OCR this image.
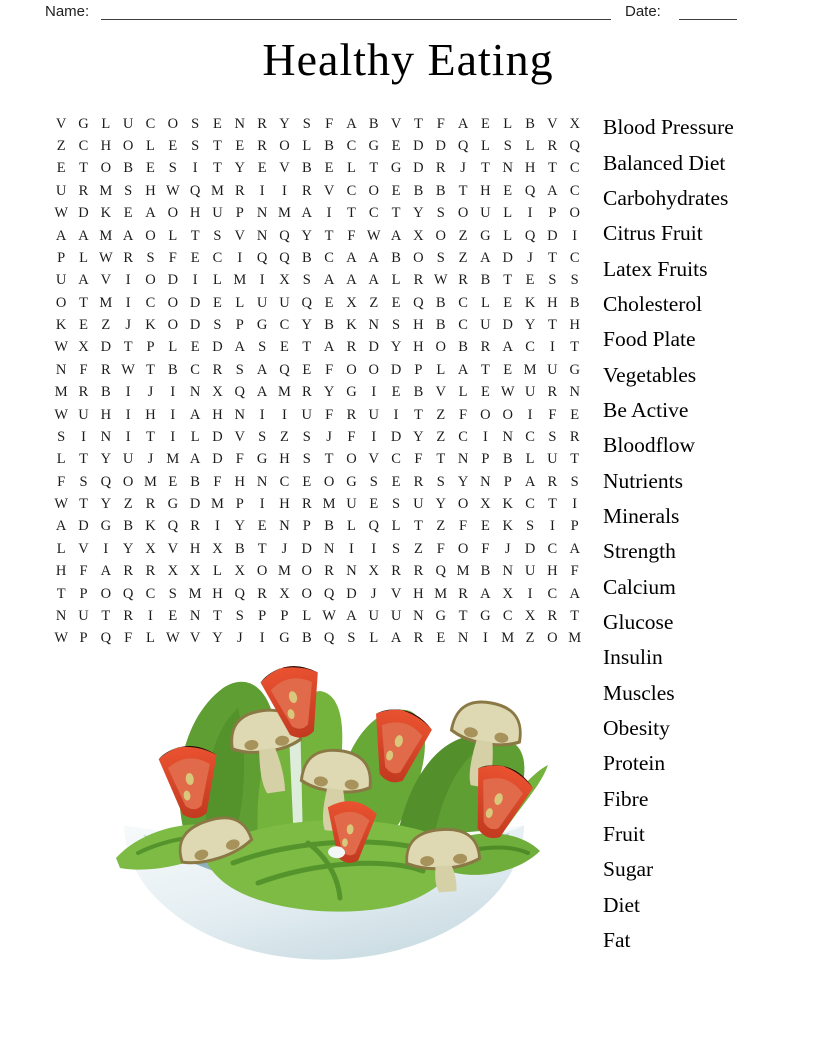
Name:	Date:
Healthy Eating
V G L U C O S E N R Y S F A B V T F A E L B V X
Z C H O L E S T E R O L B C G E D D Q L S L R Q
E T O B E S	I	T Y E V B E L T G D R	J	T N H T C
U R M S H W Q M R	I	I	R V C O E B B T H E Q A C
W D K E A O H U P N M A	I	T C T Y S O U L	I	P O
A A M A O L T S V N Q Y T F W A X O Z G L Q D	I
P L W R S F E C	I	Q Q B C A A B O S Z A D J	T C
U A V	I	O D	I	L M I	X S A A A L R W R B T E S S
O T M I	C O D E L U U Q E X Z E Q B C L E K H B
K E Z	J K O D S P G C Y B K N S H B C U D Y T H
W X D T P L E D A S E T A R D Y H O B R A C	I	T
N F R W T B C R S A Q E F O O D P L A T E M U G
M R B	I	J	I	N X Q A M R Y G	I	E B V L E W U R N
W U H	I	H	I	A H N	I	I	U F R U	I	T Z F O O	I	F E
S	I	N	I	T	I	L D V S Z S	J	F	I	D Y Z C	I	N C S R
L T Y U J M A D F G H S T O V C F T N P B L U T
F S Q O M E B F H N C E O G S E R S Y N P A R S
W T Y Z R G D M P	I	H R M U E S U Y O X K C T	I
A D G B K Q R	I	Y E N P B L Q L T Z F E K S	I	P
L V	I	Y X V H X B T	J D N	I	I	S Z F O F	J D C A
H F A R R X X L X O M O R N X R R Q M B N U H F
T P O Q C S M H Q R X O Q D J V H M R A X	I	C A
N U T R	I	E N T S P P L W A U U N G T G C X R T
W P Q F L W V Y J	I	G B Q S L A R E N	I M Z O M
Blood Pressure
Balanced Diet
Carbohydrates
Citrus Fruit
Latex Fruits
Cholesterol
Food Plate
Vegetables
Be Active
Bloodflow
Nutrients
Minerals
Strength
Calcium
Glucose
Insulin
Muscles
Obesity
Protein
Fibre
Fruit
Sugar
Diet
Fat
